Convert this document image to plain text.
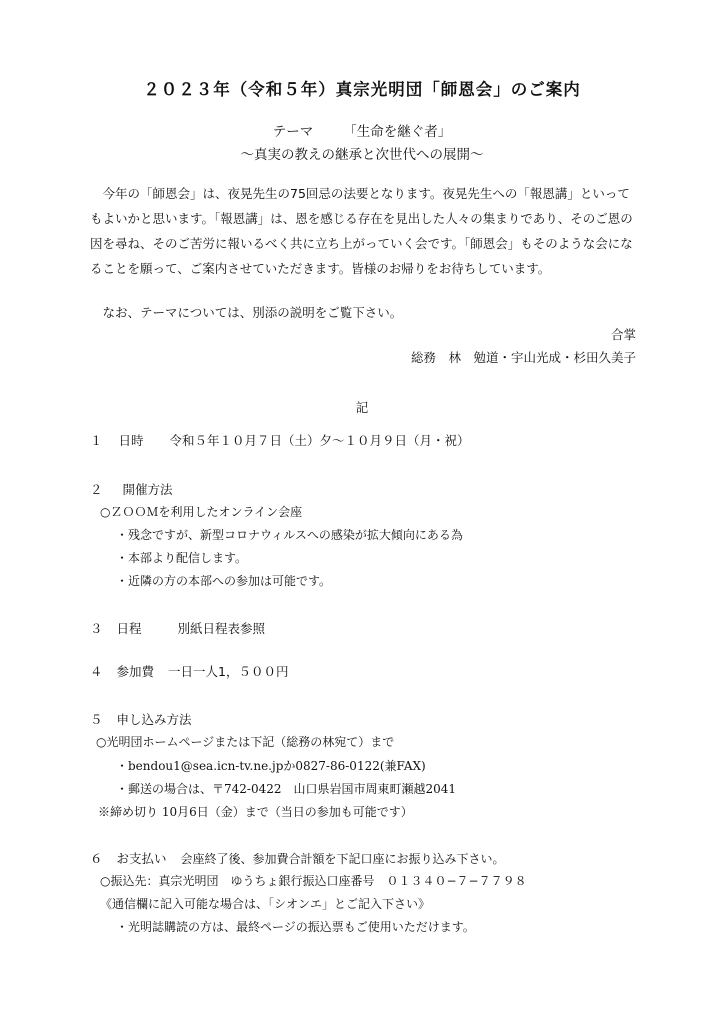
２０２３年（令和５年）真宗光明団「師恩会」のご案内
テーマ 「生命を継ぐ者」
〜真実の教えの継承と次世代への展開〜

今年の「師恩会」は、夜晃先生の75回忌の法要となります。夜晃先生への「報恩講」といってもよいかと思います。「報恩講」は、恩を感じる存在を見出した人々の集まりであり、そのご恩の因を尋ね、そのご苦労に報いるべく共に立ち上がっていく会です。「師恩会」もそのような会になることを願って、ご案内させていただきます。皆様のお帰りをお待ちしています。

なお、テーマについては、別添の説明をご覧下さい。

合掌
総務　林　勉道・宇山光成・杉田久美子
記
１ 日時 令和５年１０月７日（土）夕〜１０月９日（月・祝）
２ 開催方法
○ＺＯＯＭを利用したオンライン会座
・残念ですが、新型コロナウィルスへの感染が拡大傾向にある為
・本部より配信します。
・近隣の方の本部への参加は可能です。
３ 日程	別紙日程表参照
４ 参加費 一日一人1，５００円
５ 申し込み方法
○光明団ホームページまたは下記（総務の林宛て）まで
・bendou1@sea.icn-tv.ne.jpか0827-86-0122(兼FAX)
・郵送の場合は、〒742-0422　山口県岩国市周東町瀬越2041
※締め切り 10月6日（金）まで（当日の参加も可能です）
６ お支払い 会座終了後、参加費合計額を下記口座にお振り込み下さい。
○振込先：真宗光明団　ゆうちょ銀行振込口座番号　０１３４０−７−７７９８
《通信欄に記入可能な場合は、「シオンエ」とご記入下さい》
・光明誌購読の方は、最終ページの振込票もご使用いただけます。
